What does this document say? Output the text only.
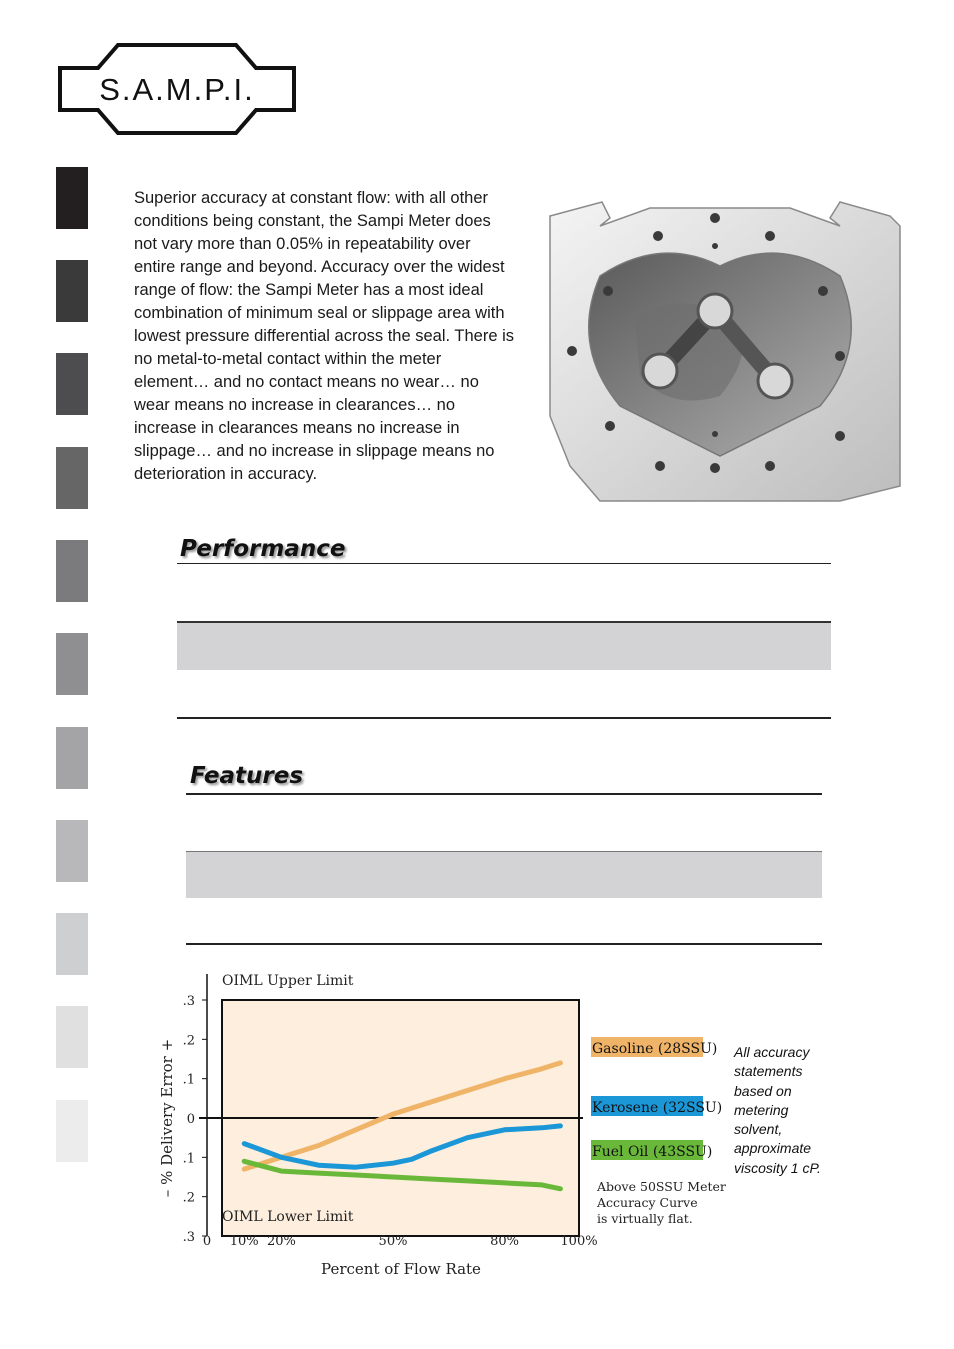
S.A.M.P.I.
Superior accuracy at constant flow: with all other conditions being constant, the Sampi Meter does not vary more than 0.05% in repeatability over entire range and beyond. Accuracy over the widest range of flow: the Sampi Meter has a most ideal combination of minimum seal or slippage area with lowest pressure differential across the seal. There is no metal-to-metal contact within the meter element… and no contact means no wear… no wear means no increase in clearances… no increase in clearances means no increase in slippage… and no increase in slippage means no deterioration in accuracy.
Performance
Features
.3
.2
.1
0
.1
.2
.3 0 10% 20%	50%	80%	100%
Percent of Flow Rate
– % Delivery Error +
OIML Upper Limit
OIML Lower Limit
Gasoline (28SSU)
Kerosene (32SSU)
Fuel Oil (43SSU)
Above 50SSU Meter
Accuracy Curve
is virtually flat.
All accuracy
statements
based on
metering
solvent,
approximate
viscosity 1 cP.
